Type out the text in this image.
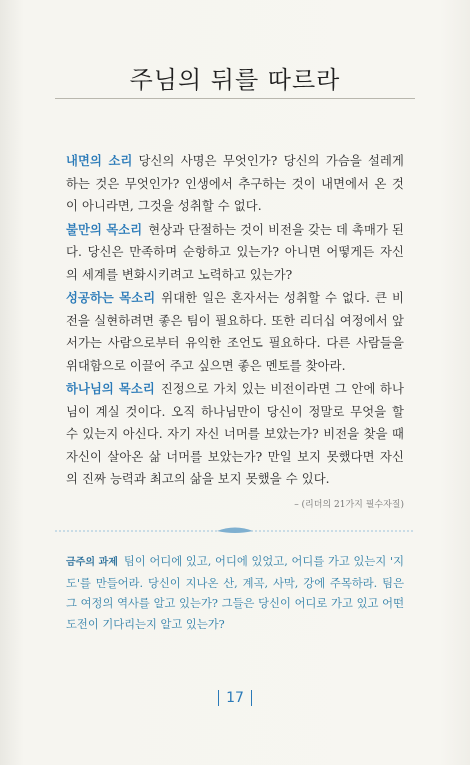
주님의 뒤를 따르라

내면의 소리 당신의 사명은 무엇인가? 당신의 가슴을 설레게 하는 것은 무엇인가? 인생에서 추구하는 것이 내면에서 온 것이 아니라면, 그것을 성취할 수 없다.

불만의 목소리 현상과 단절하는 것이 비전을 갖는 데 촉매가 된다. 당신은 만족하며 순항하고 있는가? 아니면 어떻게든 자신의 세계를 변화시키려고 노력하고 있는가?

성공하는 목소리 위대한 일은 혼자서는 성취할 수 없다. 큰 비전을 실현하려면 좋은 팀이 필요하다. 또한 리더십 여정에서 앞서가는 사람으로부터 유익한 조언도 필요하다. 다른 사람들을 위대함으로 이끌어 주고 싶으면 좋은 멘토를 찾아라.

하나님의 목소리 진정으로 가치 있는 비전이라면 그 안에 하나님이 계실 것이다. 오직 하나님만이 당신이 정말로 무엇을 할 수 있는지 아신다. 자기 자신 너머를 보았는가? 비전을 찾을 때 자신이 살아온 삶 너머를 보았는가? 만일 보지 못했다면 자신의 진짜 능력과 최고의 삶을 보지 못했을 수 있다.

– (리더의 21가지 필수자질)
금주의 과제 팀이 어디에 있고, 어디에 있었고, 어디를 가고 있는지 '지도'를 만들어라. 당신이 지나온 산, 계곡, 사막, 강에 주목하라. 팀은 그 여정의 역사를 알고 있는가? 그들은 당신이 어디로 가고 있고 어떤 도전이 기다리는지 알고 있는가?
17
